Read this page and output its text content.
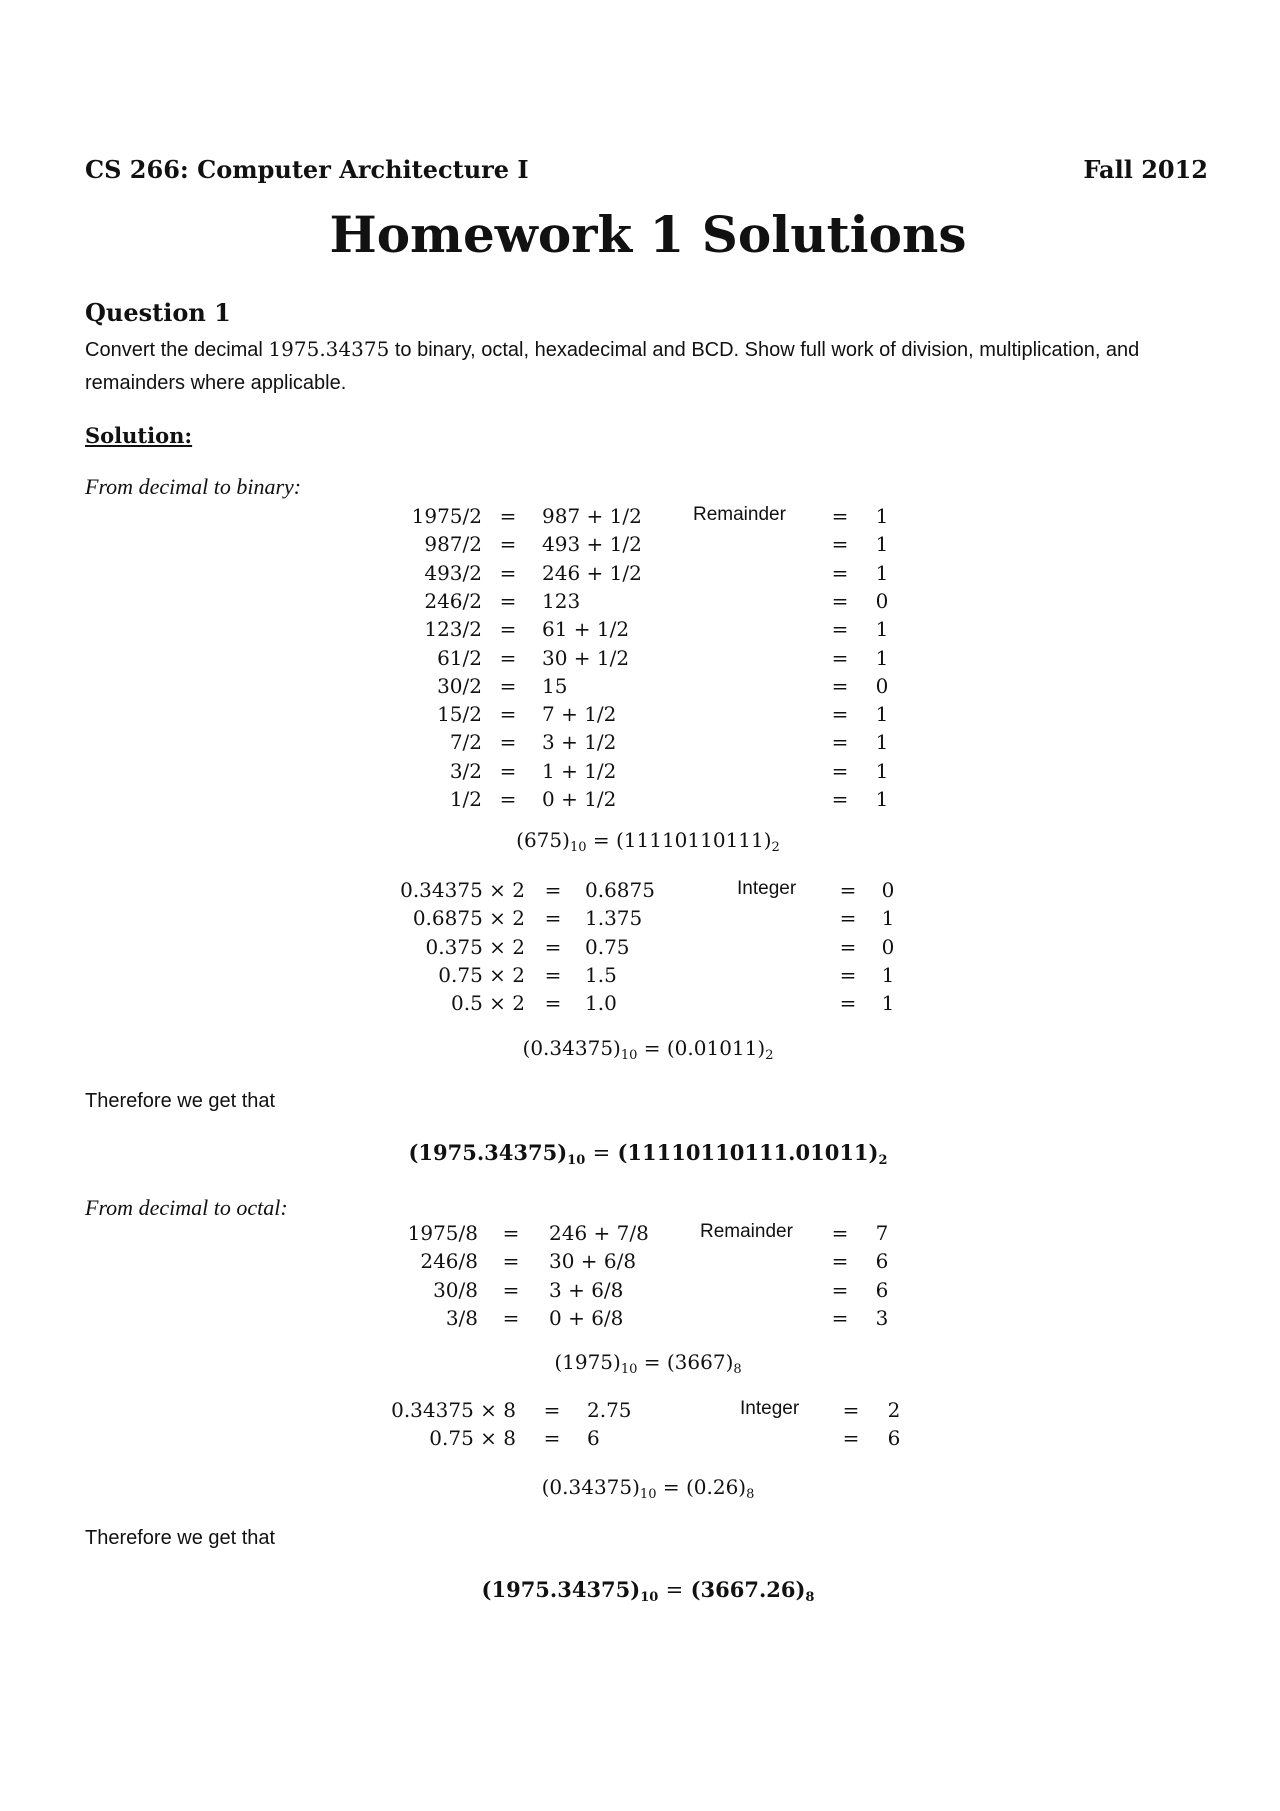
CS 266: Computer Architecture I	Fall 2012
Homework 1 Solutions
Question 1
Convert the decimal 1975.34375 to binary, octal, hexadecimal and BCD. Show full work of division, multiplication, and
remainders where applicable.
Solution:
From decimal to binary:
1975/2 = 987 + 1/2	Remainder = 1
987/2 = 493 + 1/2	= 1
493/2 = 246 + 1/2	= 1
246/2 = 123	= 0
123/2 = 61 + 1/2	= 1
61/2 = 30 + 1/2	= 1
30/2 = 15	= 0
15/2 = 7 + 1/2	= 1
7/2 = 3 + 1/2	= 1
3/2 = 1 + 1/2	= 1
1/2 = 0 + 1/2	= 1
$(675)_{10} = (11110110111)_2$
0.34375 × 2 = 0.6875	Integer = 0
0.6875 × 2 = 1.375	= 1
0.375 × 2 = 0.75	= 0
0.75 × 2 = 1.5	= 1
0.5 × 2 = 1.0	= 1
$(0.34375)_{10} = (0.01011)_2$
Therefore we get that
$(1975.34375)_{10} = (11110110111.01011)_2$
From decimal to octal:
1975/8 = 246 + 7/8	Remainder = 7
246/8 = 30 + 6/8	= 6
30/8 = 3 + 6/8	= 6
3/8 = 0 + 6/8	= 3
$(1975)_{10} = (3667)_8$
0.34375 × 8 = 2.75	Integer = 2
0.75 × 8 = 6	= 6
$(0.34375)_{10} = (0.26)_8$
Therefore we get that
$(1975.34375)_{10} = (3667.26)_8$
